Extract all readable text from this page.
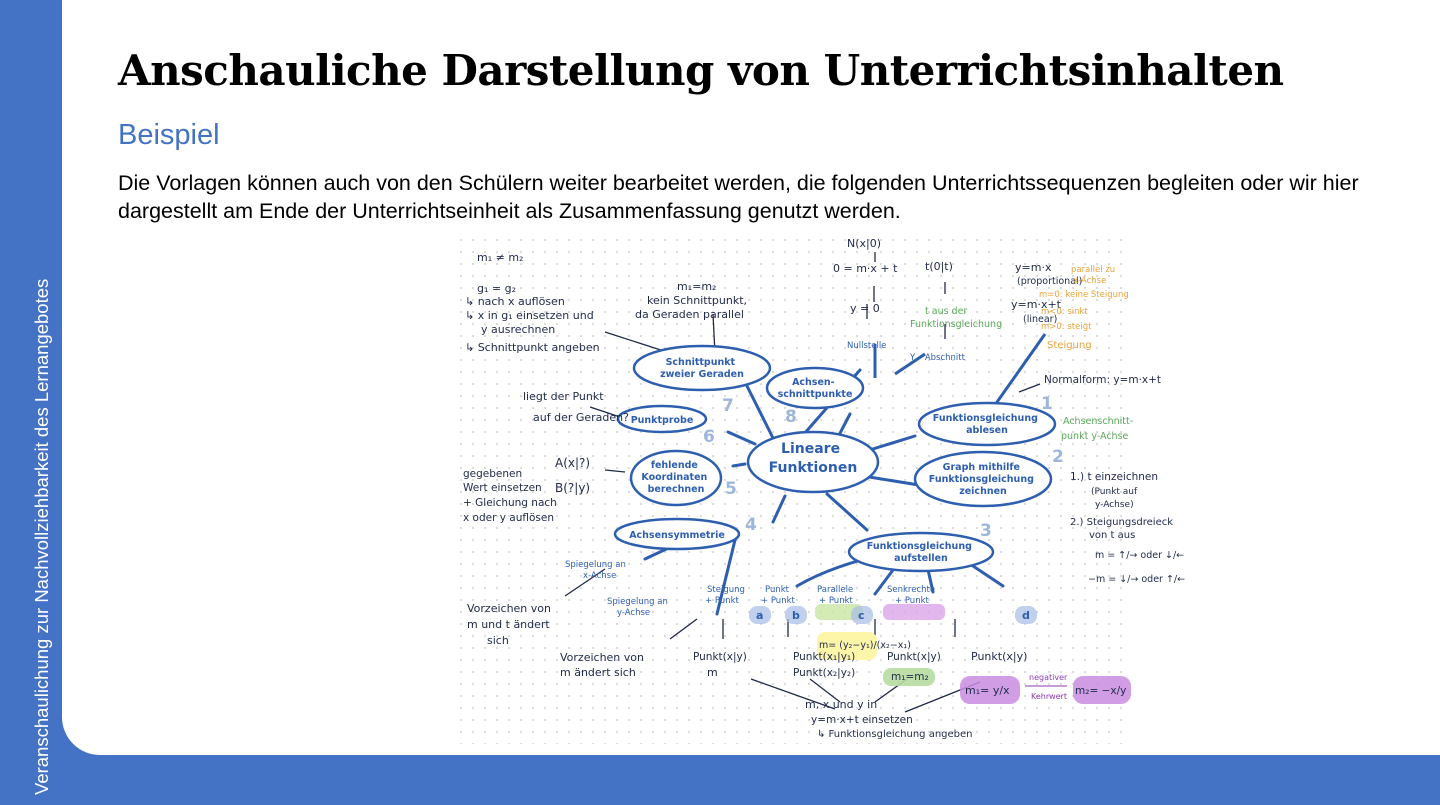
Anschauliche Darstellung von Unterrichtsinhalten
Beispiel
Die Vorlagen können auch von den Schülern weiter bearbeitet werden, die folgenden Unterrichtssequenzen begleiten oder wir hier dargestellt am Ende der Unterrichtseinheit als Zusammenfassung genutzt werden.
Lineare Funktionen
Achsen- schnittpunkte
Schnittpunkt zweier Geraden
Punktprobe
fehlende Koordinaten berechnen
Achsensymmetrie
Funktionsgleichung ablesen
Graph mithilfe Funktionsgleichung zeichnen
Funktionsgleichung aufstellen
1
2
3
4
5
6
7
8
m₁ ≠ m₂
g₁ = g₂
↳ nach x auflösen
↳ x in g₁ einsetzen und
y ausrechnen
↳ Schnittpunkt angeben
m₁=m₂
kein Schnittpunkt,
da Geraden parallel
N(x|0)
0 = m·x + t
y = 0
t(0|t)	y=m·x
(proportional)
y=m·x+t
(linear)
Normalform: y=m·x+t
liegt der Punkt
auf der Geraden?
A(x|?)
B(?|y)
gegebenen
Wert einsetzen
+ Gleichung nach
x oder y auflösen
1.) t einzeichnen
(Punkt auf
y-Achse)
2.) Steigungsdreieck
von t aus
m = ↑/→ oder ↓/←
−m = ↓/→ oder ↑/←
Vorzeichen von
m und t ändert
sich
Vorzeichen von
m ändert sich
Punkt(x|y)
m
m= (y₂−y₁)/(x₂−x₁)
Punkt(x₁|y₁)
Punkt(x₂|y₂)
Punkt(x|y)
m₁=m₂
Punkt(x|y)
m₁= y/x	m₂= −x/y
m, x und y in
y=m·x+t einsetzen
↳ Funktionsgleichung angeben
Nullstelle
Y – Abschnitt
Spiegelung an
x-Achse
Spiegelung an
y-Achse
Steigung
+ Punkt
Punkt
+ Punkt
Parallele
+ Punkt
Senkrechte
+ Punkt
a	b	c	d
t aus der
Funktionsgleichung
Achsenschnitt-
punkt y-Achse
parallel zu
x-Achse
m=0: keine Steigung
m<0: sinkt
m>0: steigt
Steigung
negativer
Kehrwert
Veranschaulichung zur Nachvollziehbarkeit des Lernangebotes
